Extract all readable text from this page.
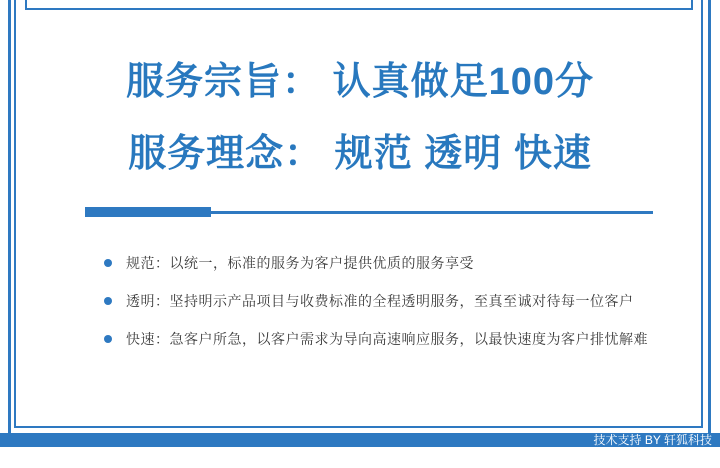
服务宗旨： 认真做足100分
服务理念： 规范 透明 快速
规范：以统一，标准的服务为客户提供优质的服务享受
透明：坚持明示产品项目与收费标准的全程透明服务，至真至诚对待每一位客户
快速：急客户所急，以客户需求为导向高速响应服务，以最快速度为客户排忧解难
技术支持 BY 轩狐科技
